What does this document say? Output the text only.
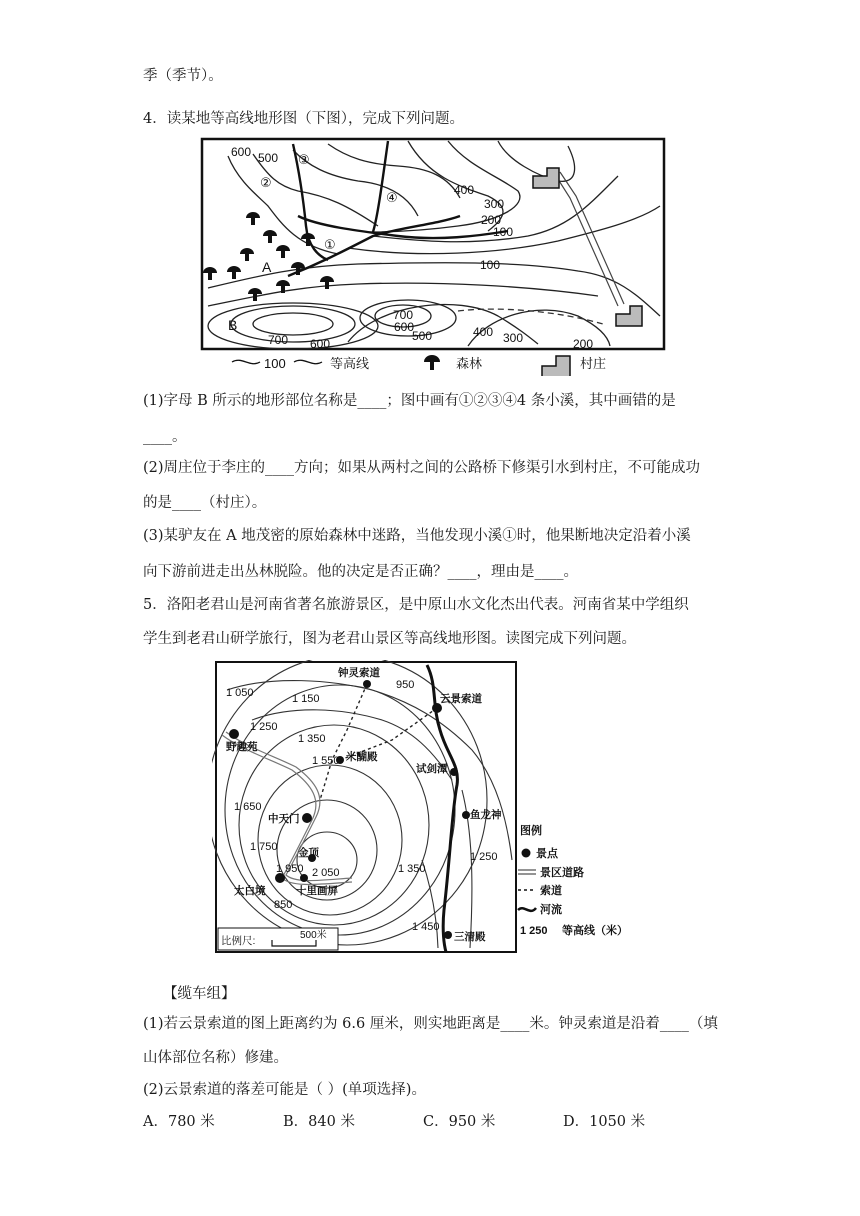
季（季节）。
4．读某地等高线地形图（下图），完成下列问题。
600 500
400
300
200
100
100
700
600
500	400 300	200
700 600
③
②
④
①
A
B
100	等高线	森林	村庄
(1)字母 B 所示的地形部位名称是____；图中画有①②③④4 条小溪，其中画错的是
____。
(2)周庄位于李庄的____方向；如果从两村之间的公路桥下修渠引水到村庄，不可能成功
的是____（村庄）。
(3)某驴友在 A 地茂密的原始森林中迷路，当他发现小溪①时，他果断地决定沿着小溪
向下游前进走出丛林脱险。他的决定是否正确？____，理由是____。
5．洛阳老君山是河南省著名旅游景区，是中原山水文化杰出代表。河南省某中学组织
学生到老君山研学旅行，图为老君山景区等高线地形图。读图完成下列问题。
1 050	1 150
1 250
1 350
1 550
1 650
1 750
1 950 2 050
850
950
1 350
1 250
1 450
钟灵索道
云景索道
野趣苑
米醐殿
试剑潭
鱼龙神
中天门
金顶
太白境	十里画屏
三清殿
比例尺:	500米
图例
景点
景区道路
索道
河流
1 250 等高线（米）
【缆车组】
(1)若云景索道的图上距离约为 6.6 厘米，则实地距离是____米。钟灵索道是沿着____（填
山体部位名称）修建。
(2)云景索道的落差可能是（ ）(单项选择)。
A．780 米	B．840 米	C．950 米	D．1050 米
